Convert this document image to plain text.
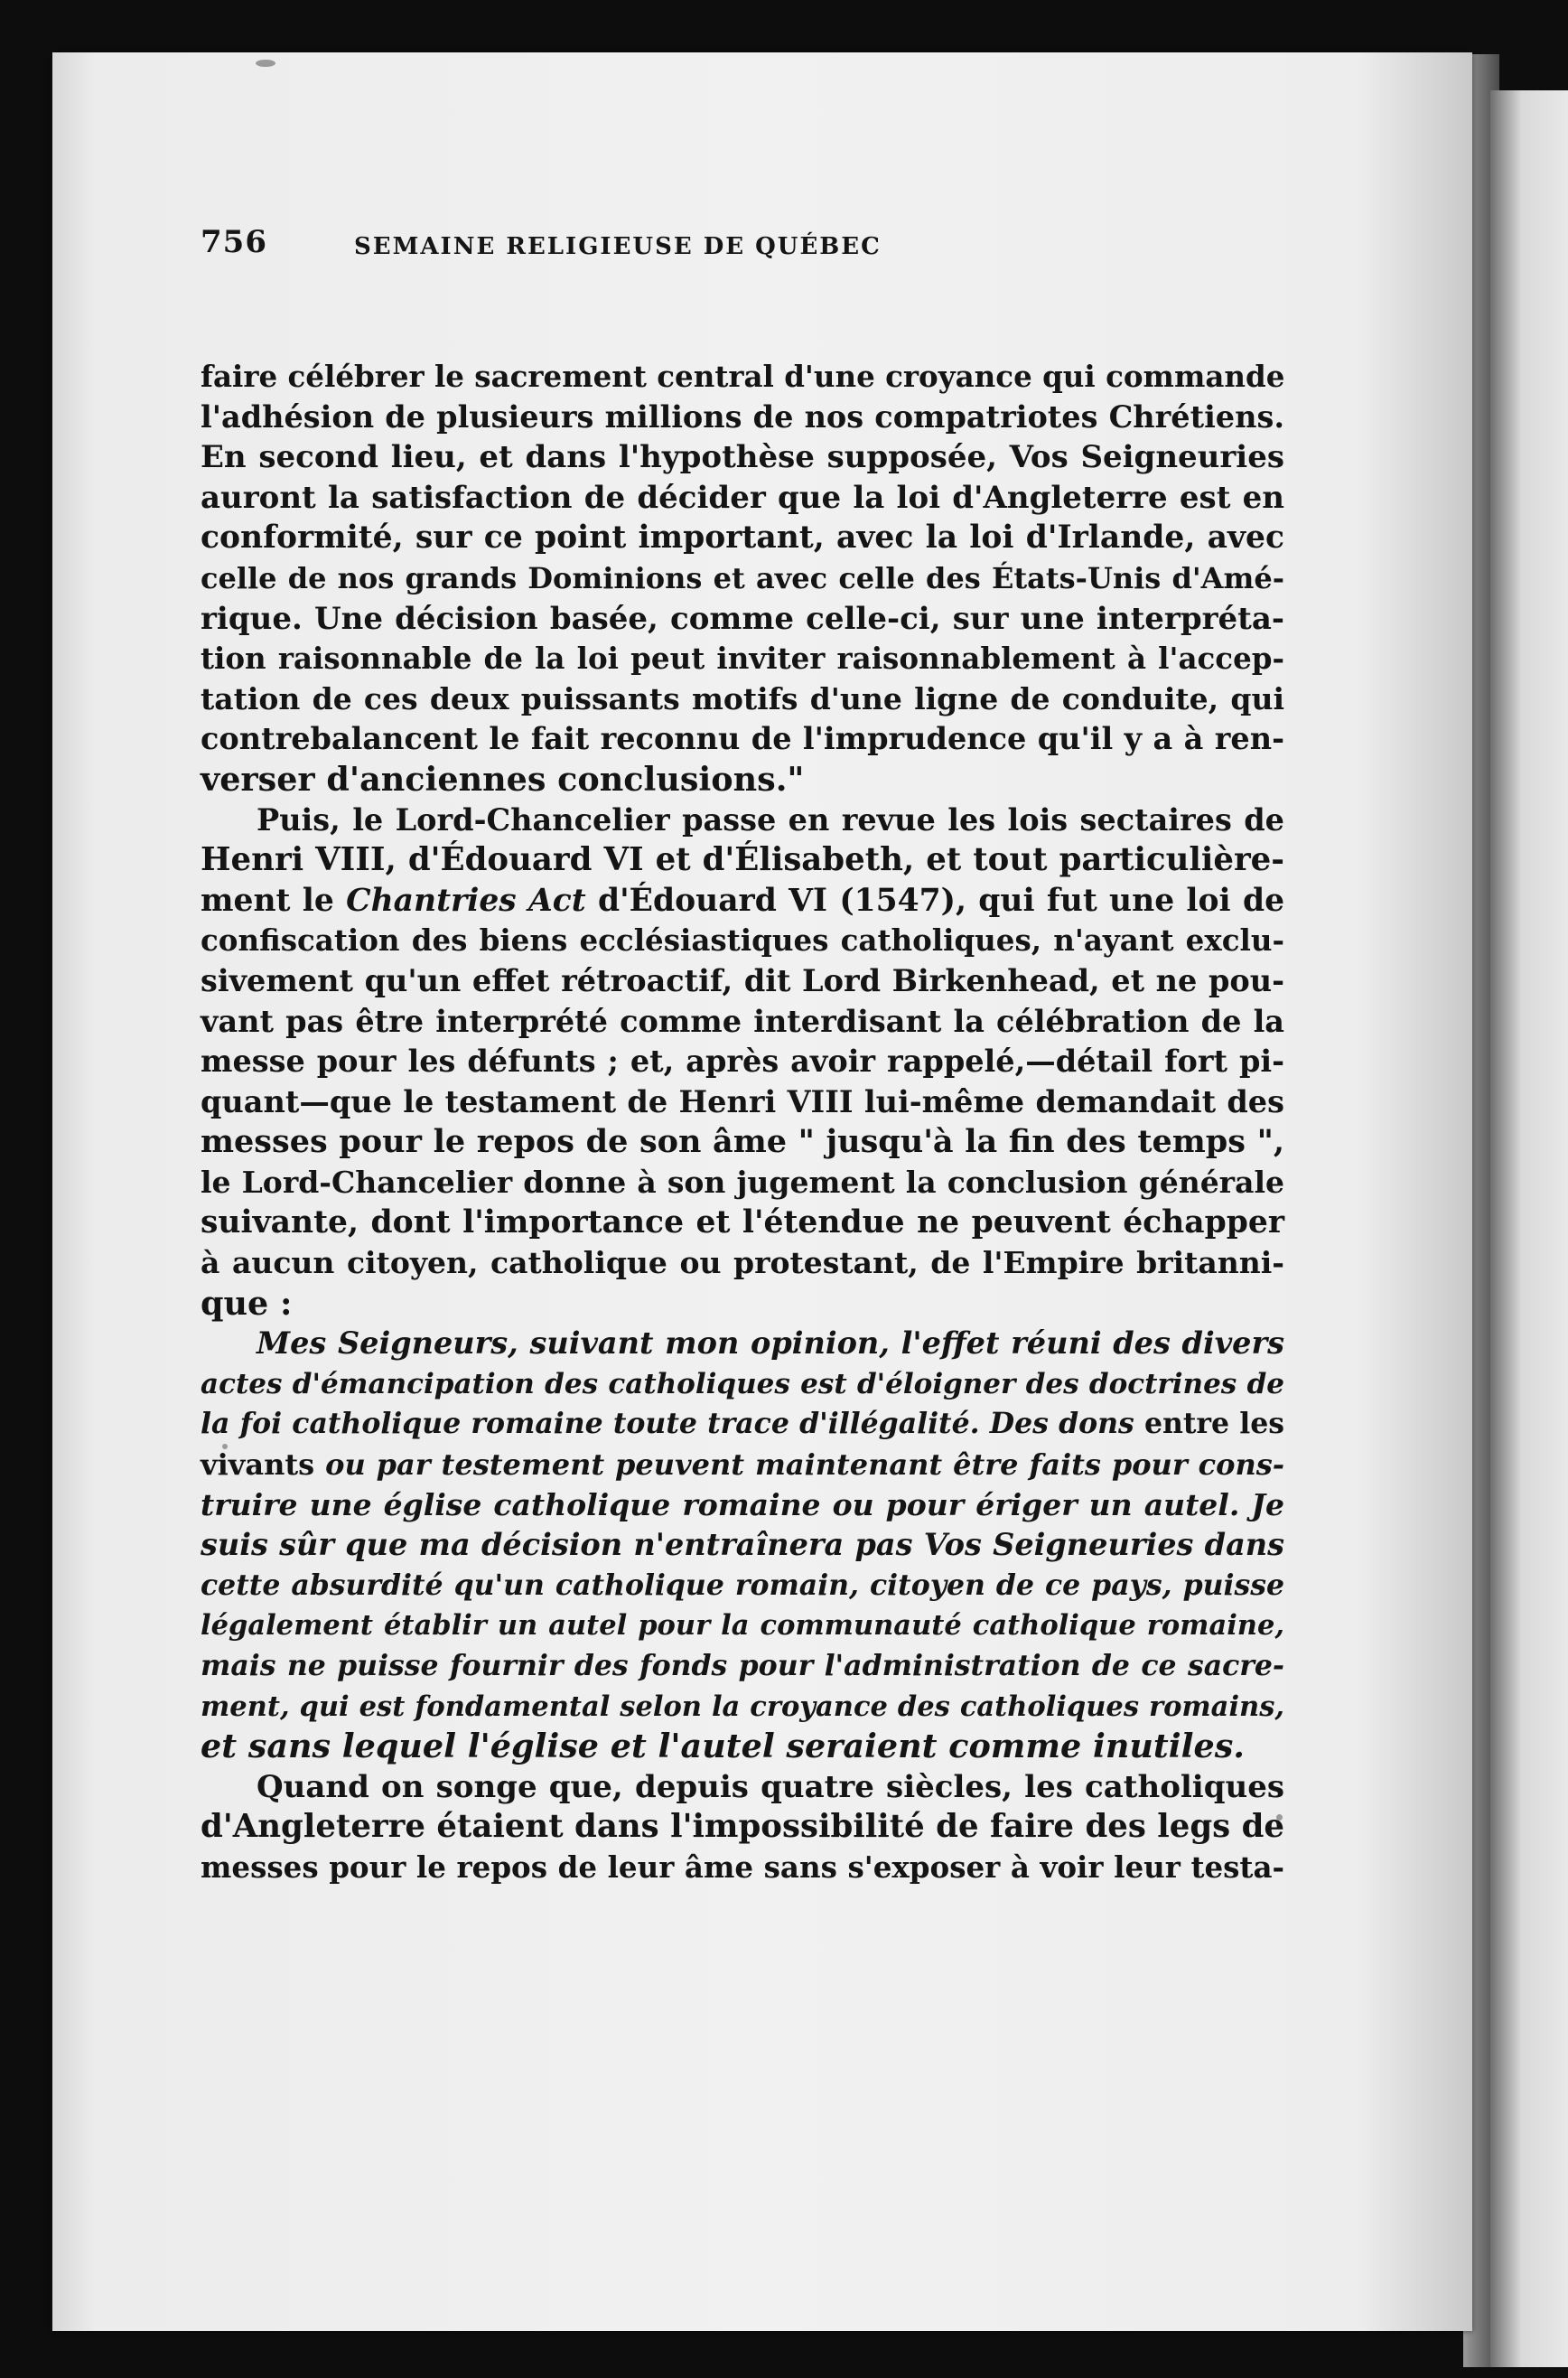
756	SEMAINE RELIGIEUSE DE QUÉBEC
faire célébrer le sacrement central d'une croyance qui commande
l'adhésion de plusieurs millions de nos compatriotes Chrétiens.
En second lieu, et dans l'hypothèse supposée, Vos Seigneuries
auront la satisfaction de décider que la loi d'Angleterre est en
conformité, sur ce point important, avec la loi d'Irlande, avec
celle de nos grands Dominions et avec celle des États-Unis d'Amé-
rique. Une décision basée, comme celle-ci, sur une interpréta-
tion raisonnable de la loi peut inviter raisonnablement à l'accep-
tation de ces deux puissants motifs d'une ligne de conduite, qui
contrebalancent le fait reconnu de l'imprudence qu'il y a à ren-
verser d'anciennes conclusions."
Puis, le Lord-Chancelier passe en revue les lois sectaires de
Henri VIII, d'Édouard VI et d'Élisabeth, et tout particulière-
ment le Chantries Act d'Édouard VI (1547), qui fut une loi de
confiscation des biens ecclésiastiques catholiques, n'ayant exclu-
sivement qu'un effet rétroactif, dit Lord Birkenhead, et ne pou-
vant pas être interprété comme interdisant la célébration de la
messe pour les défunts ; et, après avoir rappelé,—détail fort pi-
quant—que le testament de Henri VIII lui-même demandait des
messes pour le repos de son âme " jusqu'à la fin des temps ",
le Lord-Chancelier donne à son jugement la conclusion générale
suivante, dont l'importance et l'étendue ne peuvent échapper
à aucun citoyen, catholique ou protestant, de l'Empire britanni-
que :
Mes Seigneurs, suivant mon opinion, l'effet réuni des divers
actes d'émancipation des catholiques est d'éloigner des doctrines de
la foi catholique romaine toute trace d'illégalité. Des dons entre les
vivants ou par testement peuvent maintenant être faits pour cons-
truire une église catholique romaine ou pour ériger un autel. Je
suis sûr que ma décision n'entraînera pas Vos Seigneuries dans
cette absurdité qu'un catholique romain, citoyen de ce pays, puisse
légalement établir un autel pour la communauté catholique romaine,
mais ne puisse fournir des fonds pour l'administration de ce sacre-
ment, qui est fondamental selon la croyance des catholiques romains,
et sans lequel l'église et l'autel seraient comme inutiles.
Quand on songe que, depuis quatre siècles, les catholiques
d'Angleterre étaient dans l'impossibilité de faire des legs de
messes pour le repos de leur âme sans s'exposer à voir leur testa-
